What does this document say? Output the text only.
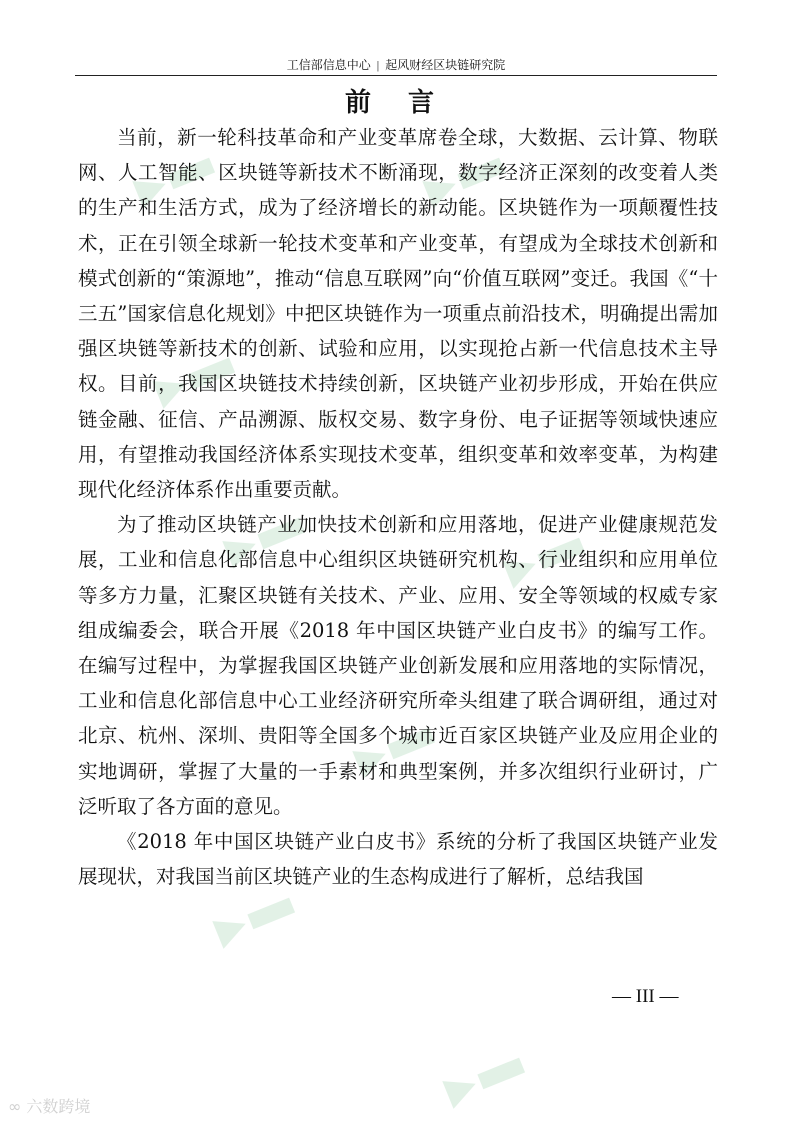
工信部信息中心 | 起风财经区块链研究院
前 言

当前，新一轮科技革命和产业变革席卷全球，大数据、云计算、物联网、人工智能、区块链等新技术不断涌现，数字经济正深刻的改变着人类的生产和生活方式，成为了经济增长的新动能。区块链作为一项颠覆性技术，正在引领全球新一轮技术变革和产业变革，有望成为全球技术创新和模式创新的“策源地”，推动“信息互联网”向“价值互联网”变迁。我国《“十三五”国家信息化规划》中把区块链作为一项重点前沿技术，明确提出需加强区块链等新技术的创新、试验和应用，以实现抢占新一代信息技术主导权。目前，我国区块链技术持续创新，区块链产业初步形成，开始在供应链金融、征信、产品溯源、版权交易、数字身份、电子证据等领域快速应用，有望推动我国经济体系实现技术变革，组织变革和效率变革，为构建现代化经济体系作出重要贡献。

为了推动区块链产业加快技术创新和应用落地，促进产业健康规范发展，工业和信息化部信息中心组织区块链研究机构、行业组织和应用单位等多方力量，汇聚区块链有关技术、产业、应用、安全等领域的权威专家组成编委会，联合开展《2018 年中国区块链产业白皮书》的编写工作。在编写过程中，为掌握我国区块链产业创新发展和应用落地的实际情况，工业和信息化部信息中心工业经济研究所牵头组建了联合调研组，通过对北京、杭州、深圳、贵阳等全国多个城市近百家区块链产业及应用企业的实地调研，掌握了大量的一手素材和典型案例，并多次组织行业研讨，广泛听取了各方面的意见。

《2018 年中国区块链产业白皮书》系统的分析了我国区块链产业发展现状，对我国当前区块链产业的生态构成进行了解析，总结我国

— III —
∞ 六数跨境
